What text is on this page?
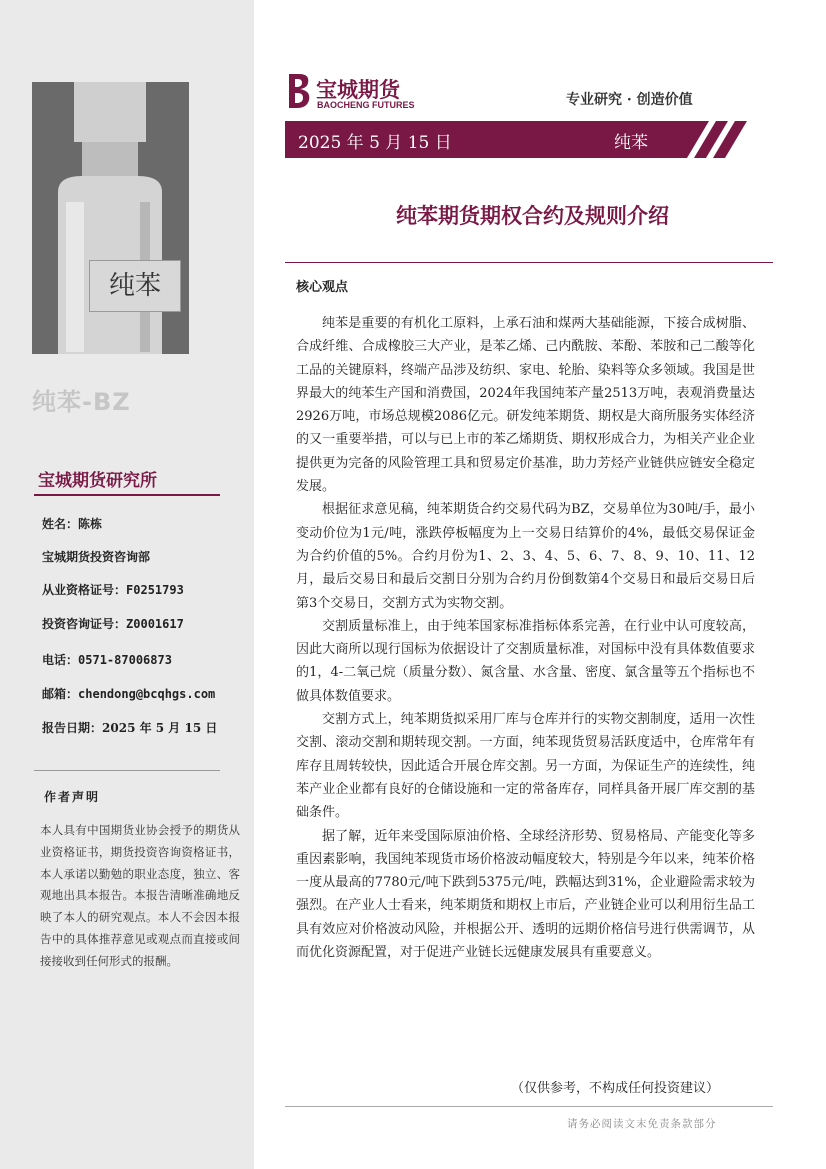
纯苯
纯苯-BZ
宝城期货研究所
姓名：陈栋
宝城期货投资咨询部
从业资格证号：F0251793
投资咨询证号：Z0001617
电话：0571-87006873
邮箱：chendong@bcqhgs.com
报告日期：2025 年 5 月 15 日
作者声明
本人具有中国期货业协会授予的期货从业资格证书，期货投资咨询资格证书，本人承诺以勤勉的职业态度，独立、客观地出具本报告。本报告清晰准确地反映了本人的研究观点。本人不会因本报告中的具体推荐意见或观点而直接或间接接收到任何形式的报酬。
宝城期货
BAOCHENG FUTURES	专业研究 · 创造价值
2025 年 5 月 15 日	纯苯
纯苯期货期权合约及规则介绍
核心观点

纯苯是重要的有机化工原料，上承石油和煤两大基础能源，下接合成树脂、合成纤维、合成橡胶三大产业，是苯乙烯、己内酰胺、苯酚、苯胺和己二酸等化工品的关键原料，终端产品涉及纺织、家电、轮胎、染料等众多领域。我国是世界最大的纯苯生产国和消费国，2024年我国纯苯产量2513万吨，表观消费量达2926万吨，市场总规模2086亿元。研发纯苯期货、期权是大商所服务实体经济的又一重要举措，可以与已上市的苯乙烯期货、期权形成合力，为相关产业企业提供更为完备的风险管理工具和贸易定价基准，助力芳烃产业链供应链安全稳定发展。

根据征求意见稿，纯苯期货合约交易代码为BZ，交易单位为30吨/手，最小变动价位为1元/吨，涨跌停板幅度为上一交易日结算价的4%，最低交易保证金为合约价值的5%。合约月份为1、2、3、4、5、6、7、8、9、10、11、12月，最后交易日和最后交割日分别为合约月份倒数第4个交易日和最后交易日后第3个交易日，交割方式为实物交割。

交割质量标准上，由于纯苯国家标准指标体系完善，在行业中认可度较高，因此大商所以现行国标为依据设计了交割质量标准，对国标中没有具体数值要求的1，4-二氧己烷（质量分数）、氮含量、水含量、密度、氯含量等五个指标也不做具体数值要求。

交割方式上，纯苯期货拟采用厂库与仓库并行的实物交割制度，适用一次性交割、滚动交割和期转现交割。一方面，纯苯现货贸易活跃度适中，仓库常年有库存且周转较快，因此适合开展仓库交割。另一方面，为保证生产的连续性，纯苯产业企业都有良好的仓储设施和一定的常备库存，同样具备开展厂库交割的基础条件。

据了解，近年来受国际原油价格、全球经济形势、贸易格局、产能变化等多重因素影响，我国纯苯现货市场价格波动幅度较大，特别是今年以来，纯苯价格一度从最高的7780元/吨下跌到5375元/吨，跌幅达到31%，企业避险需求较为强烈。在产业人士看来，纯苯期货和期权上市后，产业链企业可以利用衍生品工具有效应对价格波动风险，并根据公开、透明的远期价格信号进行供需调节，从而优化资源配置，对于促进产业链长远健康发展具有重要意义。

（仅供参考，不构成任何投资建议）
请务必阅读文末免责条款部分
